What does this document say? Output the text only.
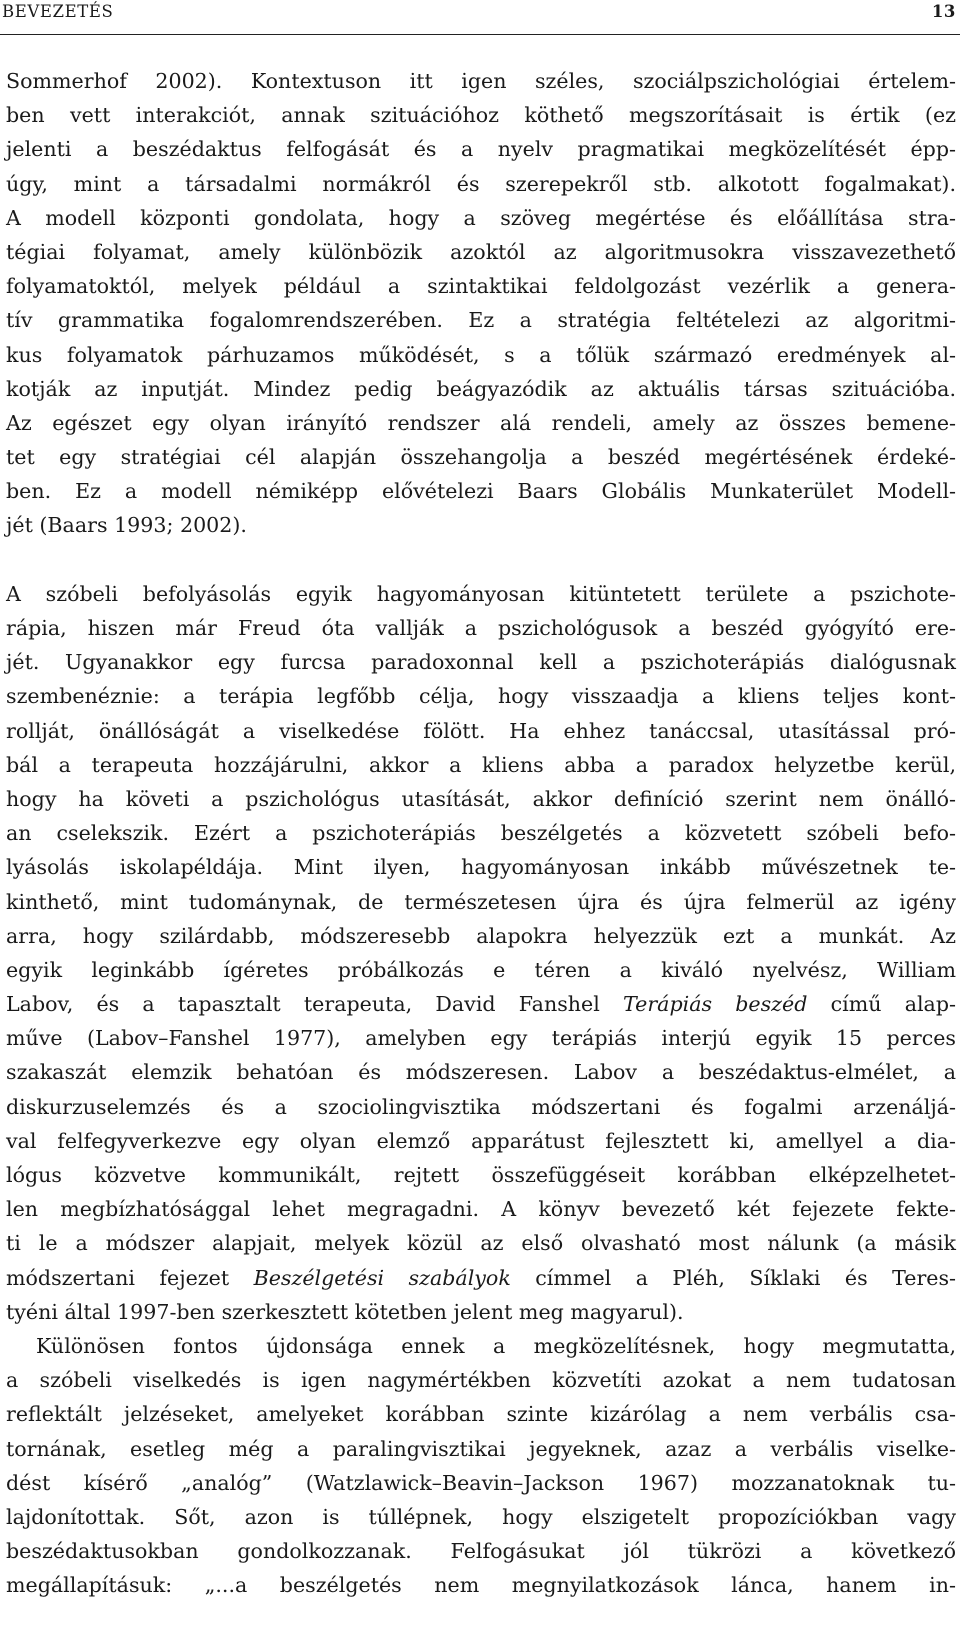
BEVEZETÉS	13
Sommerhof 2002). Kontextuson itt igen széles, szociálpszichológiai értelem-
ben vett interakciót, annak szituációhoz köthető megszorításait is értik (ez
jelenti a beszédaktus felfogását és a nyelv pragmatikai megközelítését épp-
úgy, mint a társadalmi normákról és szerepekről stb. alkotott fogalmakat).
A modell központi gondolata, hogy a szöveg megértése és előállítása stra-
tégiai folyamat, amely különbözik azoktól az algoritmusokra visszavezethető
folyamatoktól, melyek például a szintaktikai feldolgozást vezérlik a genera-
tív grammatika fogalomrendszerében. Ez a stratégia feltételezi az algoritmi-
kus folyamatok párhuzamos működését, s a tőlük származó eredmények al-
kotják az inputját. Mindez pedig beágyazódik az aktuális társas szituációba.
Az egészet egy olyan irányító rendszer alá rendeli, amely az összes bemene-
tet egy stratégiai cél alapján összehangolja a beszéd megértésének érdeké-
ben. Ez a modell némiképp elővételezi Baars Globális Munkaterület Modell-
jét (Baars 1993; 2002).
A szóbeli befolyásolás egyik hagyományosan kitüntetett területe a pszichote-
rápia, hiszen már Freud óta vallják a pszichológusok a beszéd gyógyító ere-
jét. Ugyanakkor egy furcsa paradoxonnal kell a pszichoterápiás dialógusnak
szembenéznie: a terápia legfőbb célja, hogy visszaadja a kliens teljes kont-
rollját, önállóságát a viselkedése fölött. Ha ehhez tanáccsal, utasítással pró-
bál a terapeuta hozzájárulni, akkor a kliens abba a paradox helyzetbe kerül,
hogy ha követi a pszichológus utasítását, akkor definíció szerint nem önálló-
an cselekszik. Ezért a pszichoterápiás beszélgetés a közvetett szóbeli befo-
lyásolás iskolapéldája. Mint ilyen, hagyományosan inkább művészetnek te-
kinthető, mint tudománynak, de természetesen újra és újra felmerül az igény
arra, hogy szilárdabb, módszeresebb alapokra helyezzük ezt a munkát. Az
egyik leginkább ígéretes próbálkozás e téren a kiváló nyelvész, William
Labov, és a tapasztalt terapeuta, David Fanshel Terápiás beszéd című alap-
műve (Labov–Fanshel 1977), amelyben egy terápiás interjú egyik 15 perces
szakaszát elemzik behatóan és módszeresen. Labov a beszédaktus-elmélet, a
diskurzuselemzés és a szociolingvisztika módszertani és fogalmi arzenáljá-
val felfegyverkezve egy olyan elemző apparátust fejlesztett ki, amellyel a dia-
lógus közvetve kommunikált, rejtett összefüggéseit korábban elképzelhetet-
len megbízhatósággal lehet megragadni. A könyv bevezető két fejezete fekte-
ti le a módszer alapjait, melyek közül az első olvasható most nálunk (a másik
módszertani fejezet Beszélgetési szabályok címmel a Pléh, Síklaki és Teres-
tyéni által 1997-ben szerkesztett kötetben jelent meg magyarul).
Különösen fontos újdonsága ennek a megközelítésnek, hogy megmutatta,
a szóbeli viselkedés is igen nagymértékben közvetíti azokat a nem tudatosan
reflektált jelzéseket, amelyeket korábban szinte kizárólag a nem verbális csa-
tornának, esetleg még a paralingvisztikai jegyeknek, azaz a verbális viselke-
dést kísérő „analóg” (Watzlawick–Beavin–Jackson 1967) mozzanatoknak tu-
lajdonítottak. Sőt, azon is túllépnek, hogy elszigetelt propozíciókban vagy
beszédaktusokban gondolkozzanak. Felfogásukat jól tükrözi a következő
megállapításuk: „...a beszélgetés nem megnyilatkozások lánca, hanem in-
